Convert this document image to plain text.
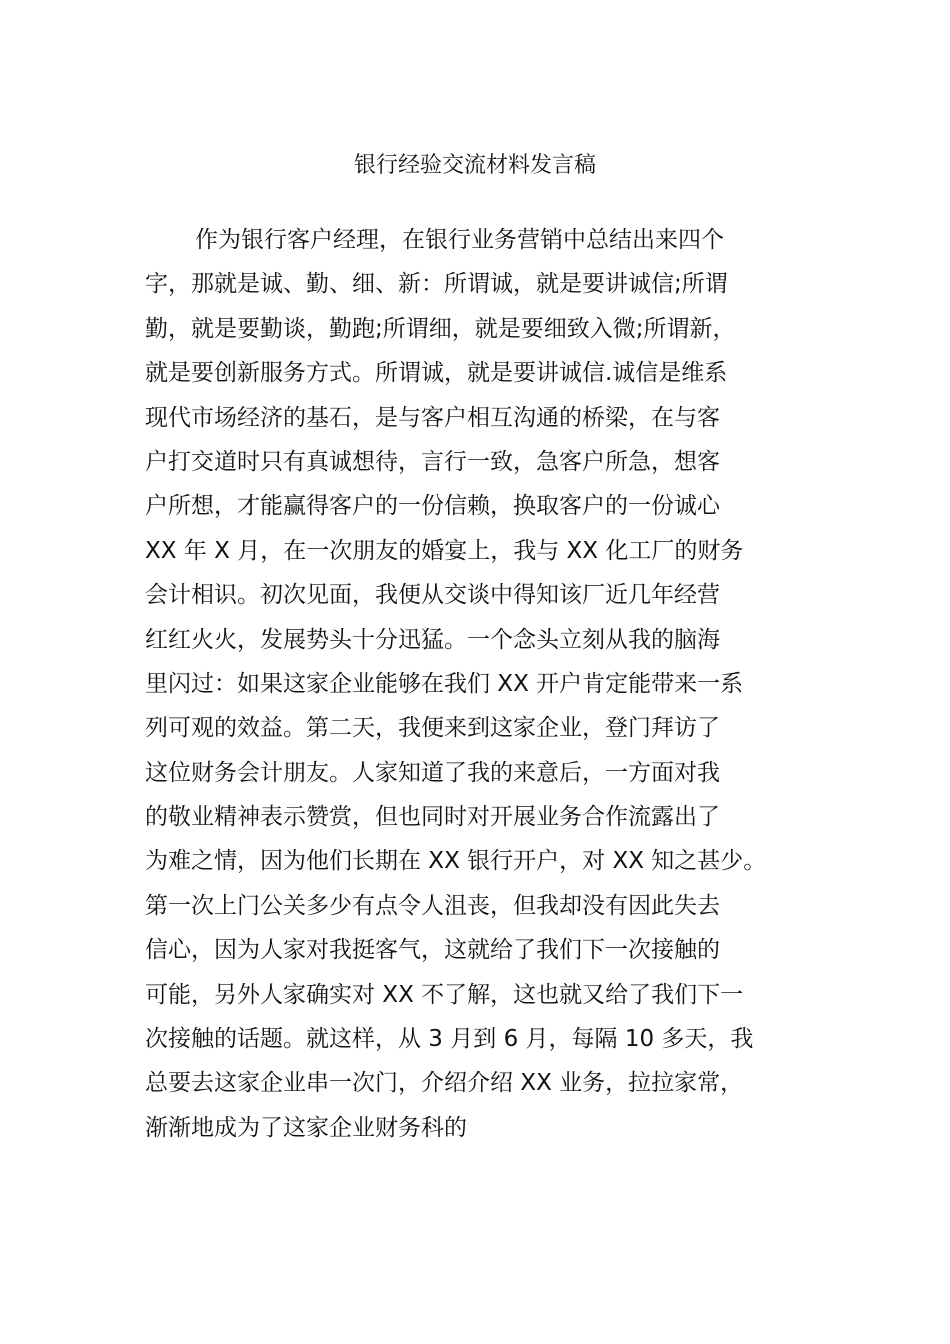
银行经验交流材料发言稿
作为银行客户经理，在银行业务营销中总结出来四个
字，那就是诚、勤、细、新：所谓诚，就是要讲诚信;所谓
勤，就是要勤谈，勤跑;所谓细，就是要细致入微;所谓新，
就是要创新服务方式。所谓诚，就是要讲诚信.诚信是维系
现代市场经济的基石，是与客户相互沟通的桥梁，在与客
户打交道时只有真诚想待，言行一致，急客户所急，想客
户所想，才能赢得客户的一份信赖，换取客户的一份诚心
XX 年 X 月，在一次朋友的婚宴上，我与 XX 化工厂的财务
会计相识。初次见面，我便从交谈中得知该厂近几年经营
红红火火，发展势头十分迅猛。一个念头立刻从我的脑海
里闪过：如果这家企业能够在我们 XX 开户肯定能带来一系
列可观的效益。第二天，我便来到这家企业，登门拜访了
这位财务会计朋友。人家知道了我的来意后，一方面对我
的敬业精神表示赞赏，但也同时对开展业务合作流露出了
为难之情，因为他们长期在 XX 银行开户，对 XX 知之甚少。
第一次上门公关多少有点令人沮丧，但我却没有因此失去
信心，因为人家对我挺客气，这就给了我们下一次接触的
可能，另外人家确实对 XX 不了解，这也就又给了我们下一
次接触的话题。就这样，从 3 月到 6 月，每隔 10 多天，我
总要去这家企业串一次门，介绍介绍 XX 业务，拉拉家常，
渐渐地成为了这家企业财务科的
